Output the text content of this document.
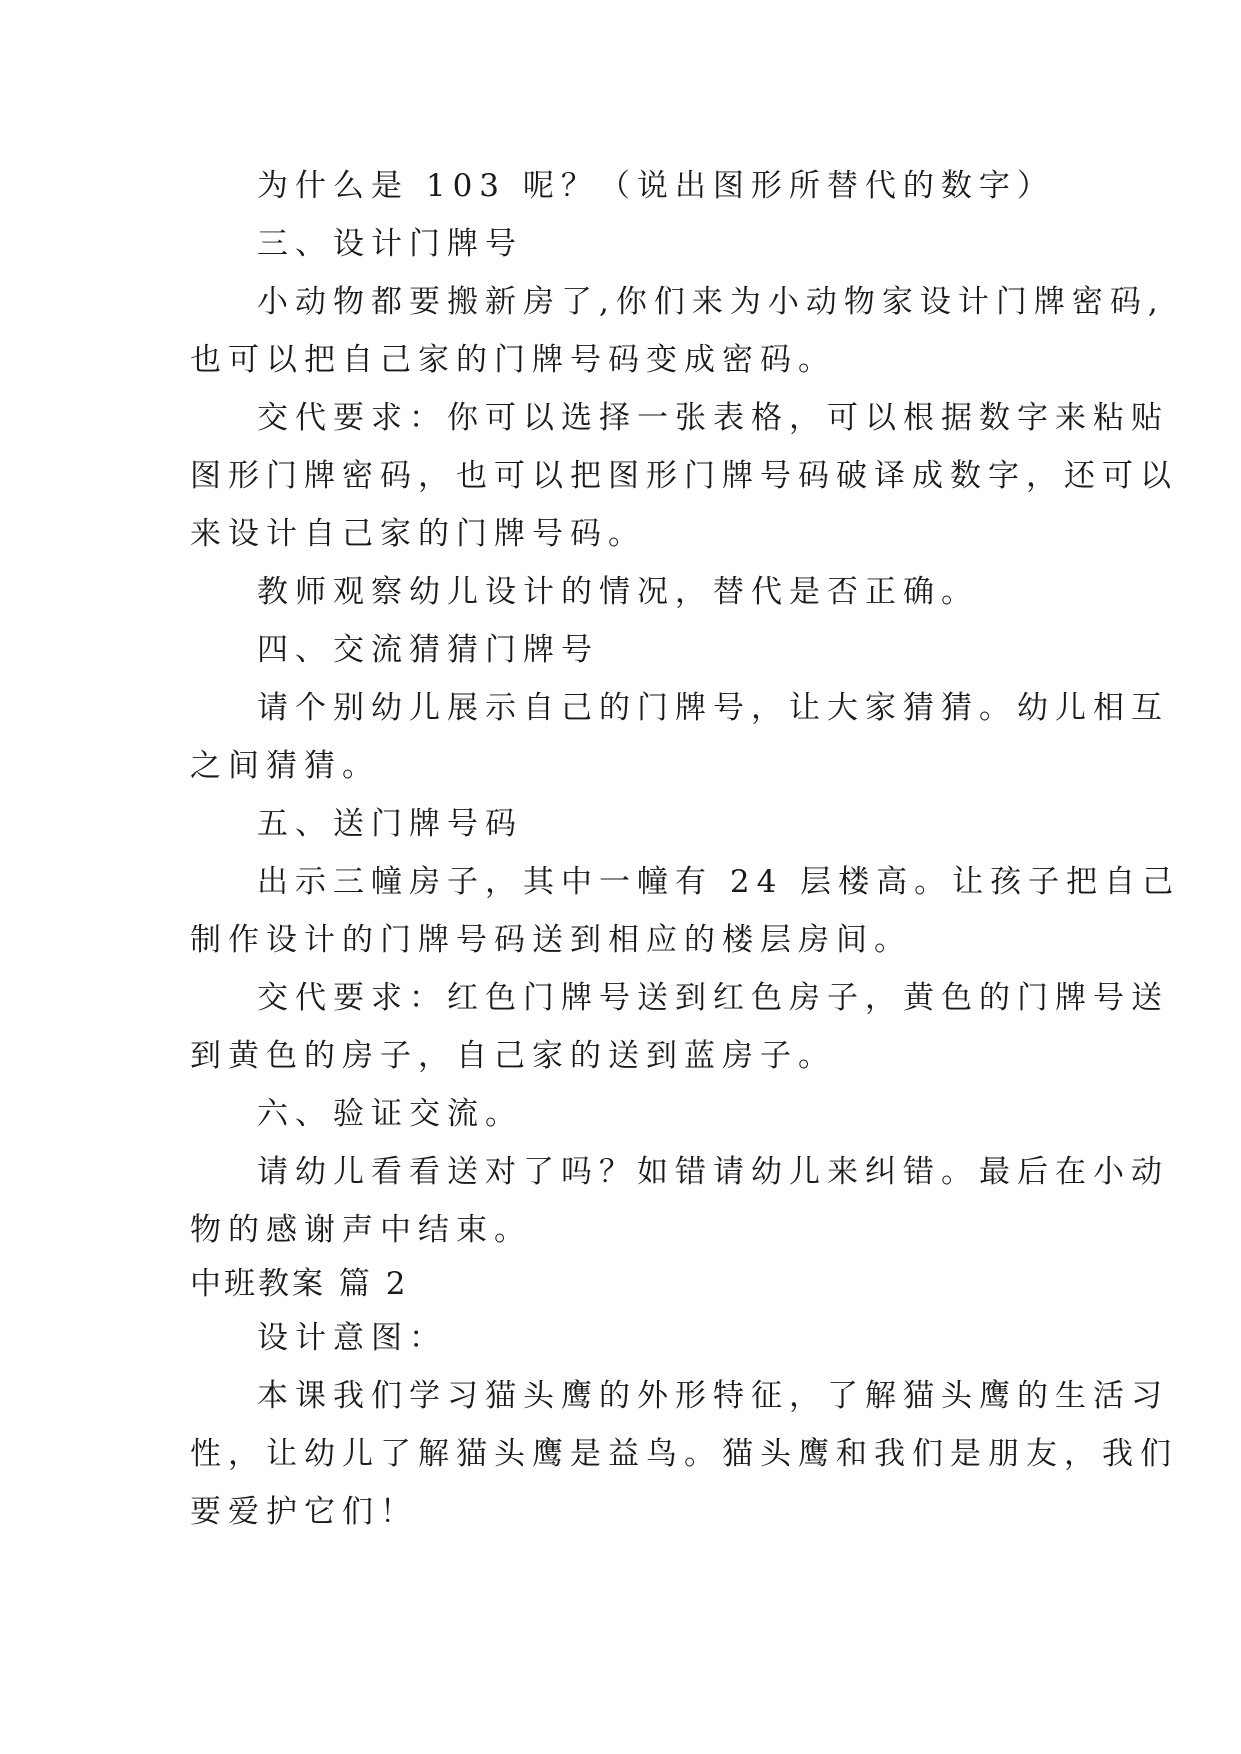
为什么是 103 呢？（说出图形所替代的数字）
三、设计门牌号
小动物都要搬新房了,你们来为小动物家设计门牌密码,
也可以把自己家的门牌号码变成密码。
交代要求：你可以选择一张表格，可以根据数字来粘贴
图形门牌密码，也可以把图形门牌号码破译成数字，还可以
来设计自己家的门牌号码。
教师观察幼儿设计的情况，替代是否正确。
四、交流猜猜门牌号
请个别幼儿展示自己的门牌号，让大家猜猜。幼儿相互
之间猜猜。
五、送门牌号码
出示三幢房子，其中一幢有 24 层楼高。让孩子把自己
制作设计的门牌号码送到相应的楼层房间。
交代要求：红色门牌号送到红色房子，黄色的门牌号送
到黄色的房子，自己家的送到蓝房子。
六、验证交流。
请幼儿看看送对了吗？如错请幼儿来纠错。最后在小动
物的感谢声中结束。
中班教案 篇 2
设计意图：
本课我们学习猫头鹰的外形特征，了解猫头鹰的生活习
性，让幼儿了解猫头鹰是益鸟。猫头鹰和我们是朋友，我们
要爱护它们！
